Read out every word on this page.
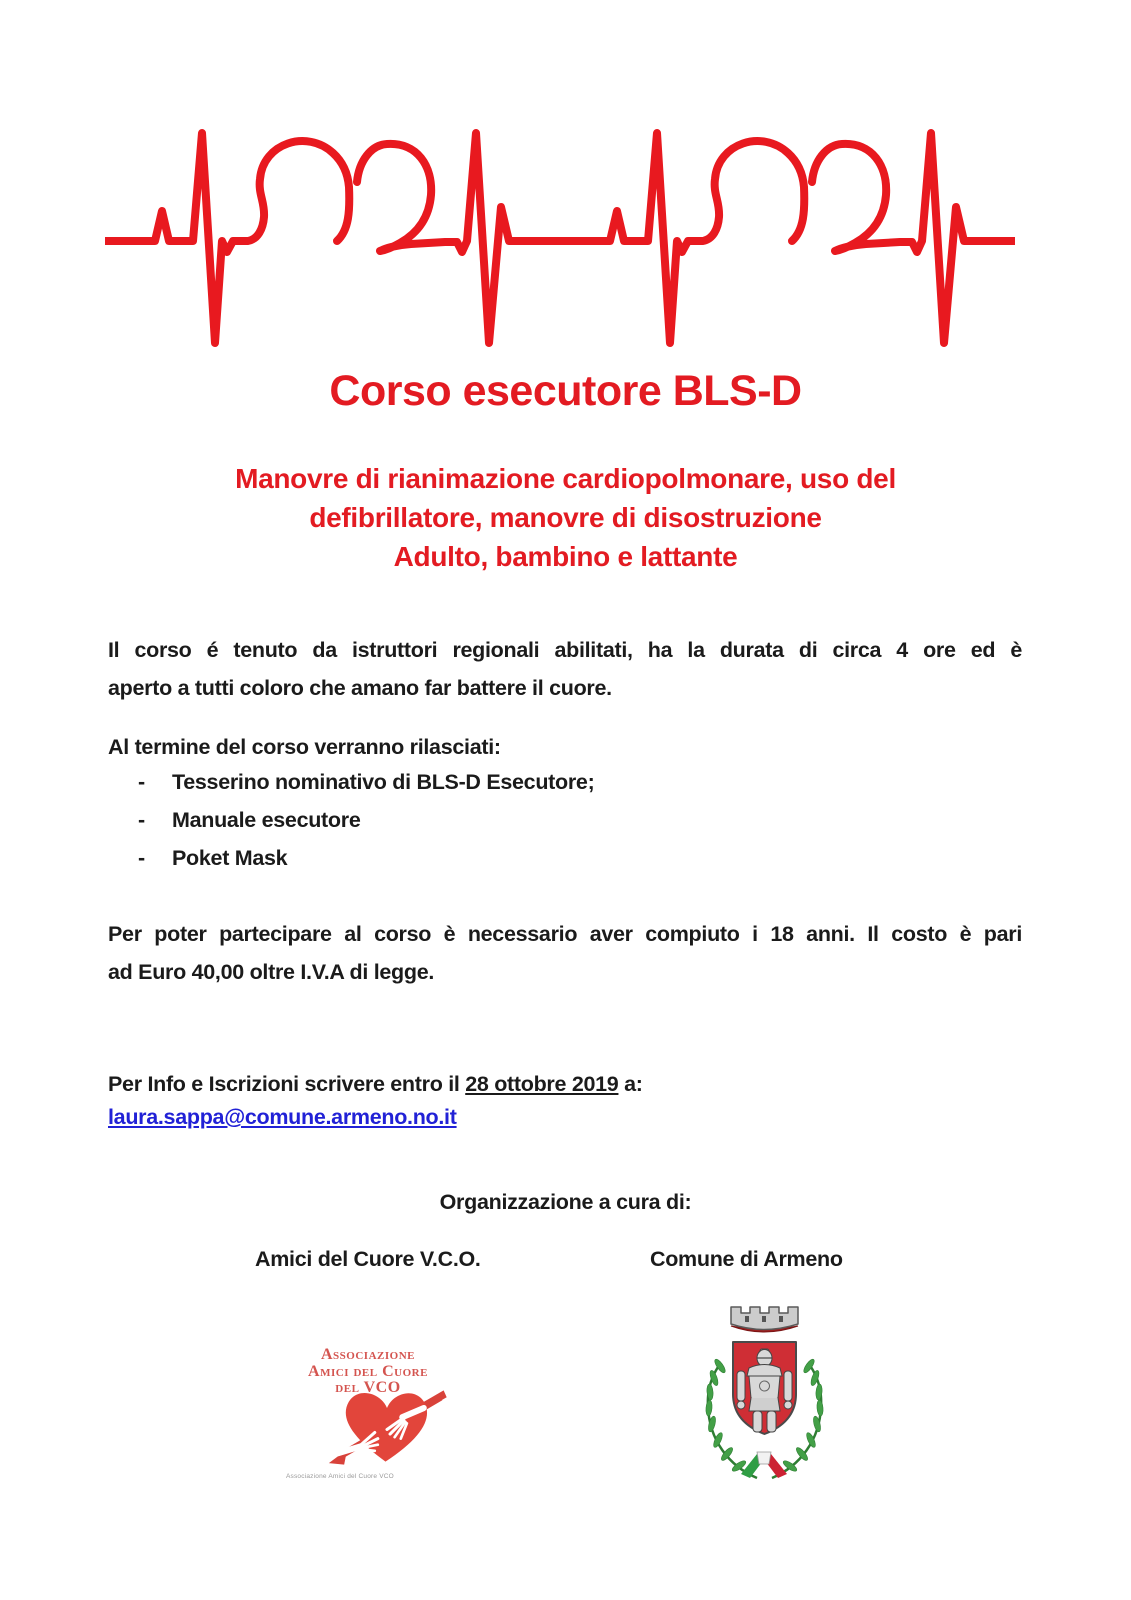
Corso esecutore BLS-D
Manovre di rianimazione cardiopolmonare, uso del
defibrillatore, manovre di disostruzione
Adulto, bambino e lattante
Il corso é tenuto da istruttori regionali abilitati, ha la durata di circa 4 ore ed è
aperto a tutti coloro che amano far battere il cuore.
Al termine del corso verranno rilasciati:
- Tesserino nominativo di BLS-D Esecutore;
- Manuale esecutore
- Poket Mask
Per poter partecipare al corso è necessario aver compiuto i 18 anni. Il costo è pari
ad Euro 40,00 oltre I.V.A di legge.
Per Info e Iscrizioni scrivere entro il 28 ottobre 2019 a:
laura.sappa@comune.armeno.no.it
Organizzazione a cura di:
Amici del Cuore V.C.O.	Comune di Armeno
Associazione
Amici del Cuore
del VCO
Associazione Amici del Cuore VCO
